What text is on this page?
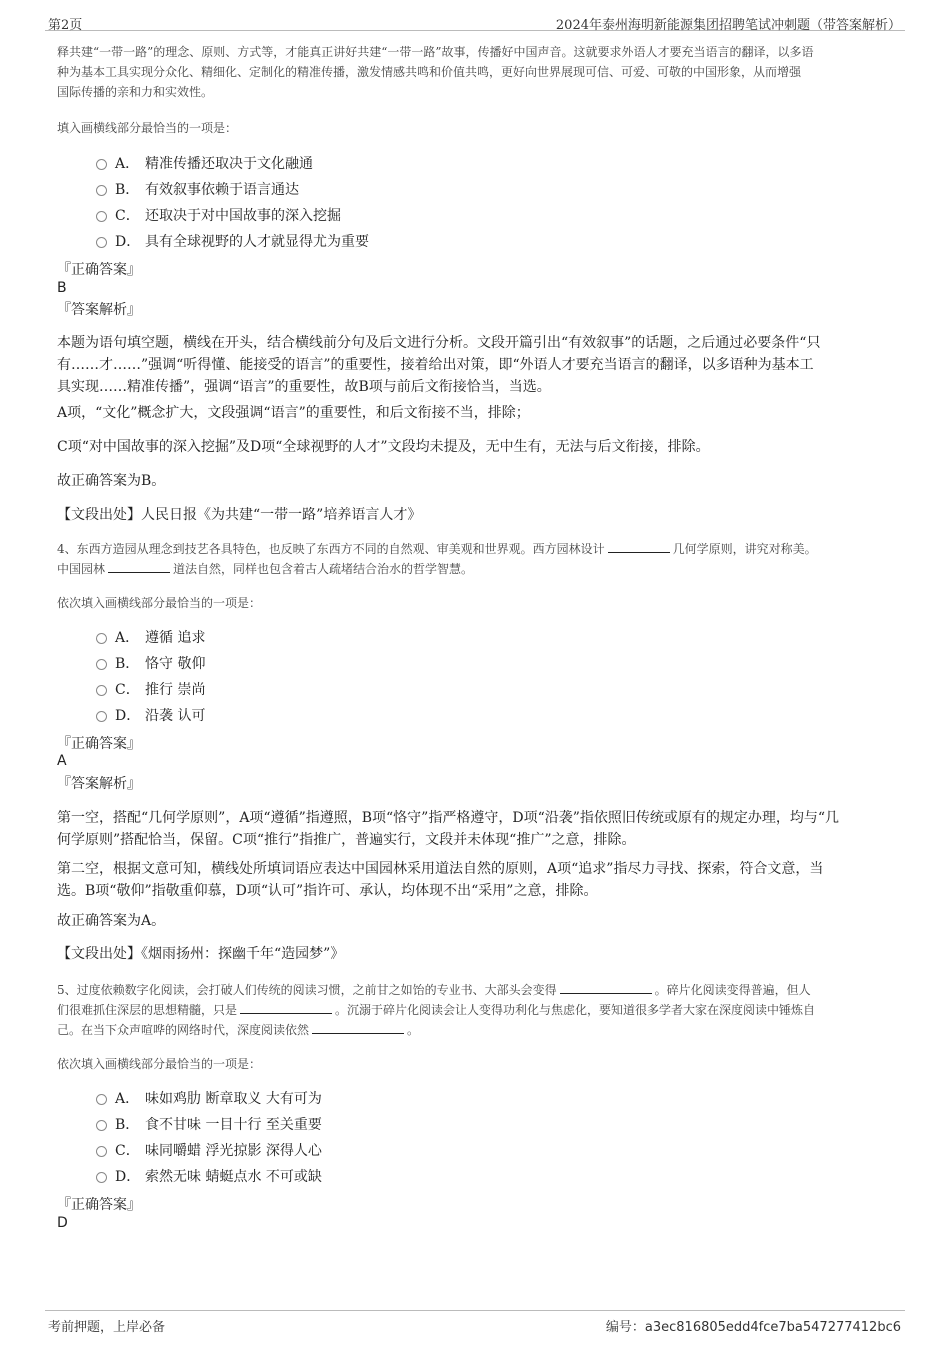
第2页	2024年泰州海明新能源集团招聘笔试冲刺题（带答案解析）
释共建“一带一路”的理念、原则、方式等，才能真正讲好共建“一带一路”故事，传播好中国声音。这就要求外语人才要充当语言的翻译，以多语
种为基本工具实现分众化、精细化、定制化的精准传播，激发情感共鸣和价值共鸣，更好向世界展现可信、可爱、可敬的中国形象，从而增强
国际传播的亲和力和实效性。
填入画横线部分最恰当的一项是：
A． 精准传播还取决于文化融通
B． 有效叙事依赖于语言通达
C． 还取决于对中国故事的深入挖掘
D． 具有全球视野的人才就显得尤为重要
『正确答案』
B
『答案解析』
本题为语句填空题，横线在开头，结合横线前分句及后文进行分析。文段开篇引出“有效叙事”的话题，之后通过必要条件“只
有……才……”强调“听得懂、能接受的语言”的重要性，接着给出对策，即“外语人才要充当语言的翻译，以多语种为基本工
具实现……精准传播”，强调“语言”的重要性，故B项与前后文衔接恰当，当选。
A项，“文化”概念扩大，文段强调“语言”的重要性，和后文衔接不当，排除；
C项“对中国故事的深入挖掘”及D项“全球视野的人才”文段均未提及，无中生有，无法与后文衔接，排除。
故正确答案为B。
【文段出处】人民日报《为共建“一带一路”培养语言人才》
4、东西方造园从理念到技艺各具特色，也反映了东西方不同的自然观、审美观和世界观。西方园林设计	几何学原则，讲究对称美。
中国园林	道法自然，同样也包含着古人疏堵结合治水的哲学智慧。
依次填入画横线部分最恰当的一项是：
A． 遵循 追求
B． 恪守 敬仰
C． 推行 崇尚
D． 沿袭 认可
『正确答案』
A
『答案解析』
第一空，搭配“几何学原则”，A项“遵循”指遵照，B项“恪守”指严格遵守，D项“沿袭”指依照旧传统或原有的规定办理，均与“几
何学原则”搭配恰当，保留。C项“推行”指推广，普遍实行，文段并未体现“推广”之意，排除。
第二空，根据文意可知，横线处所填词语应表达中国园林采用道法自然的原则，A项“追求”指尽力寻找、探索，符合文意，当
选。B项“敬仰”指敬重仰慕，D项“认可”指许可、承认，均体现不出“采用”之意，排除。
故正确答案为A。
【文段出处】《烟雨扬州：探幽千年“造园梦”》
5、过度依赖数字化阅读，会打破人们传统的阅读习惯，之前甘之如饴的专业书、大部头会变得	。碎片化阅读变得普遍，但人
们很难抓住深层的思想精髓，只是	。沉溺于碎片化阅读会让人变得功利化与焦虑化，要知道很多学者大家在深度阅读中锤炼自
己。在当下众声喧哗的网络时代，深度阅读依然	。
依次填入画横线部分最恰当的一项是：
A． 味如鸡肋 断章取义 大有可为
B． 食不甘味 一目十行 至关重要
C． 味同嚼蜡 浮光掠影 深得人心
D． 索然无味 蜻蜓点水 不可或缺
『正确答案』
D
考前押题，上岸必备	编号：a3ec816805edd4fce7ba547277412bc6
